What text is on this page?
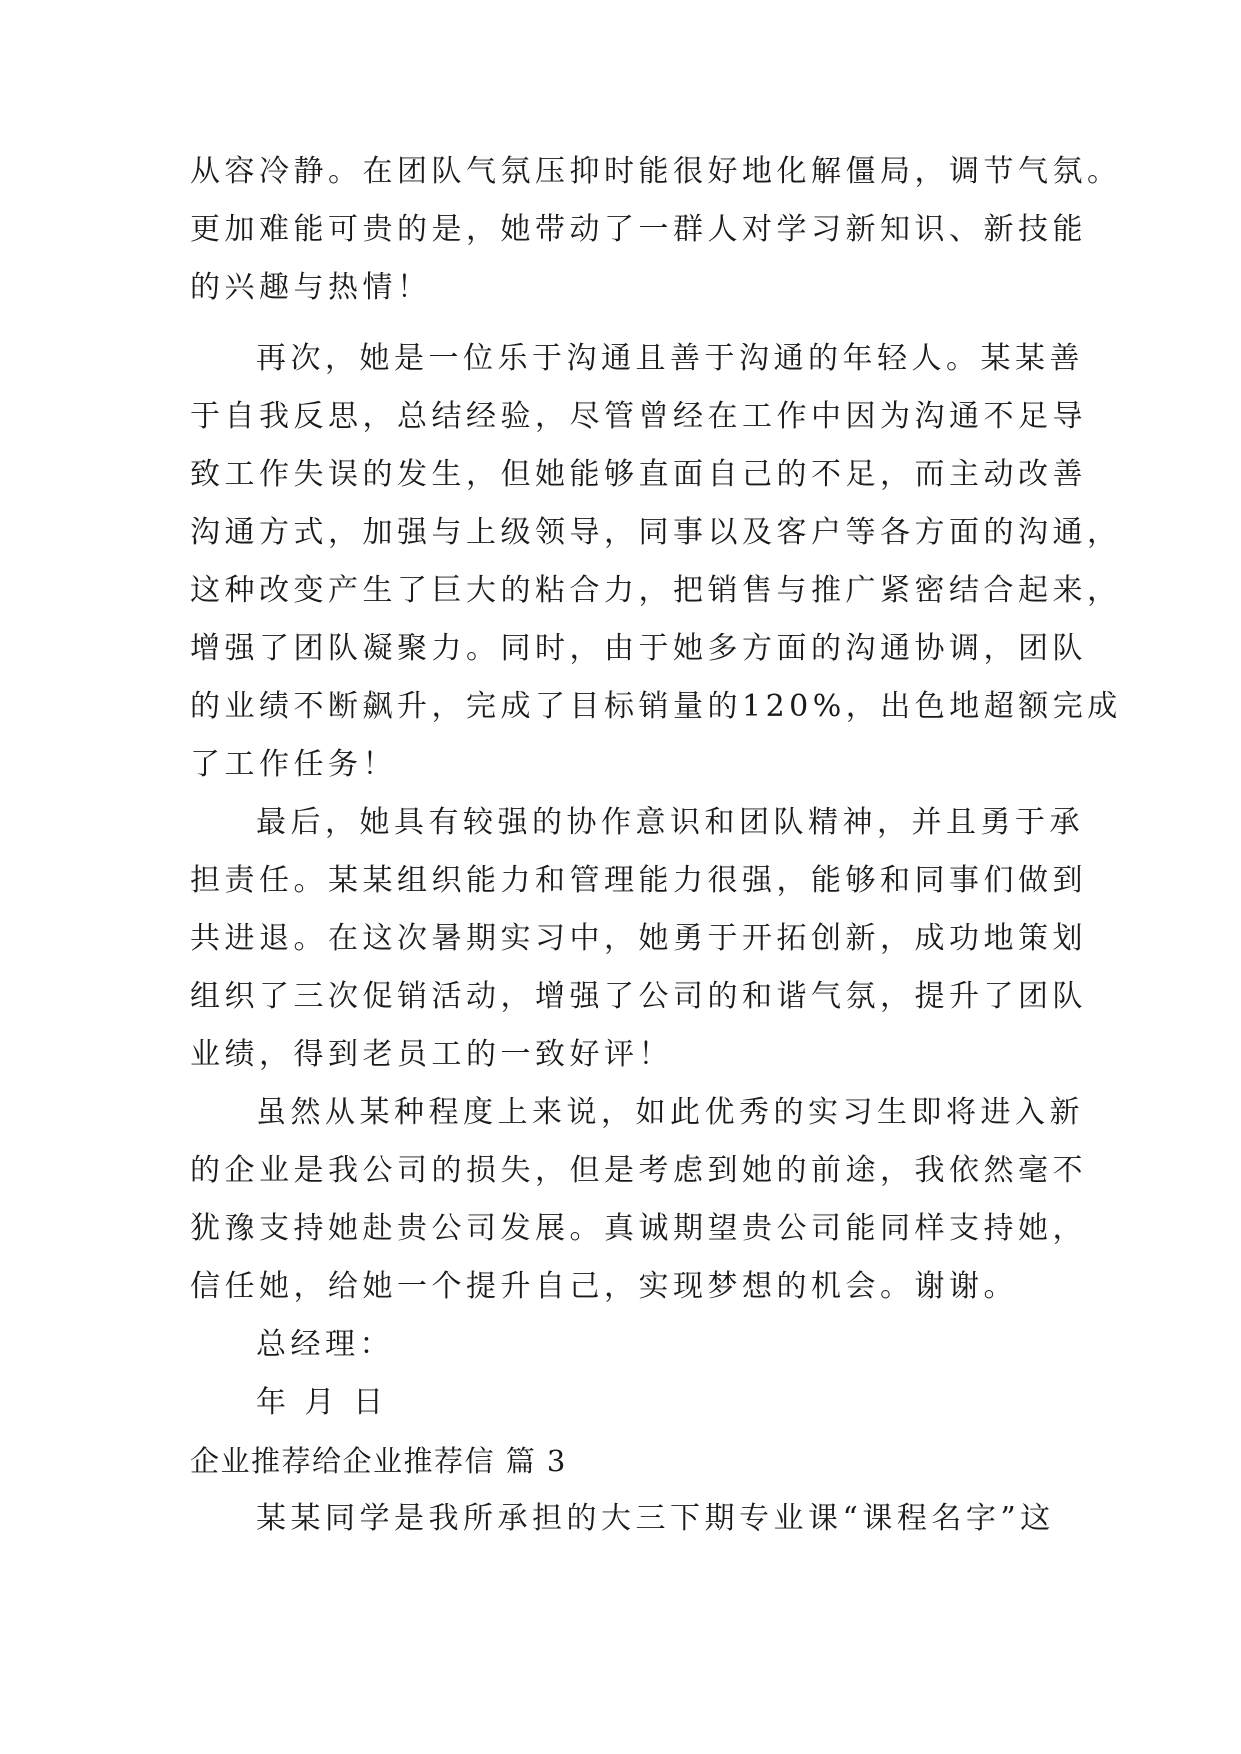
从容冷静。在团队气氛压抑时能很好地化解僵局，调节气氛。
更加难能可贵的是，她带动了一群人对学习新知识、新技能
的兴趣与热情！
再次，她是一位乐于沟通且善于沟通的年轻人。某某善
于自我反思，总结经验，尽管曾经在工作中因为沟通不足导
致工作失误的发生，但她能够直面自己的不足，而主动改善
沟通方式，加强与上级领导，同事以及客户等各方面的沟通，
这种改变产生了巨大的粘合力，把销售与推广紧密结合起来，
增强了团队凝聚力。同时，由于她多方面的沟通协调，团队
的业绩不断飙升，完成了目标销量的120%，出色地超额完成
了工作任务！
最后，她具有较强的协作意识和团队精神，并且勇于承
担责任。某某组织能力和管理能力很强，能够和同事们做到
共进退。在这次暑期实习中，她勇于开拓创新，成功地策划
组织了三次促销活动，增强了公司的和谐气氛，提升了团队
业绩，得到老员工的一致好评！
虽然从某种程度上来说，如此优秀的实习生即将进入新
的企业是我公司的损失，但是考虑到她的前途，我依然毫不
犹豫支持她赴贵公司发展。真诚期望贵公司能同样支持她，
信任她，给她一个提升自己，实现梦想的机会。谢谢。
总经理：
年 月 日
企业推荐给企业推荐信 篇 3
某某同学是我所承担的大三下期专业课“课程名字”这
